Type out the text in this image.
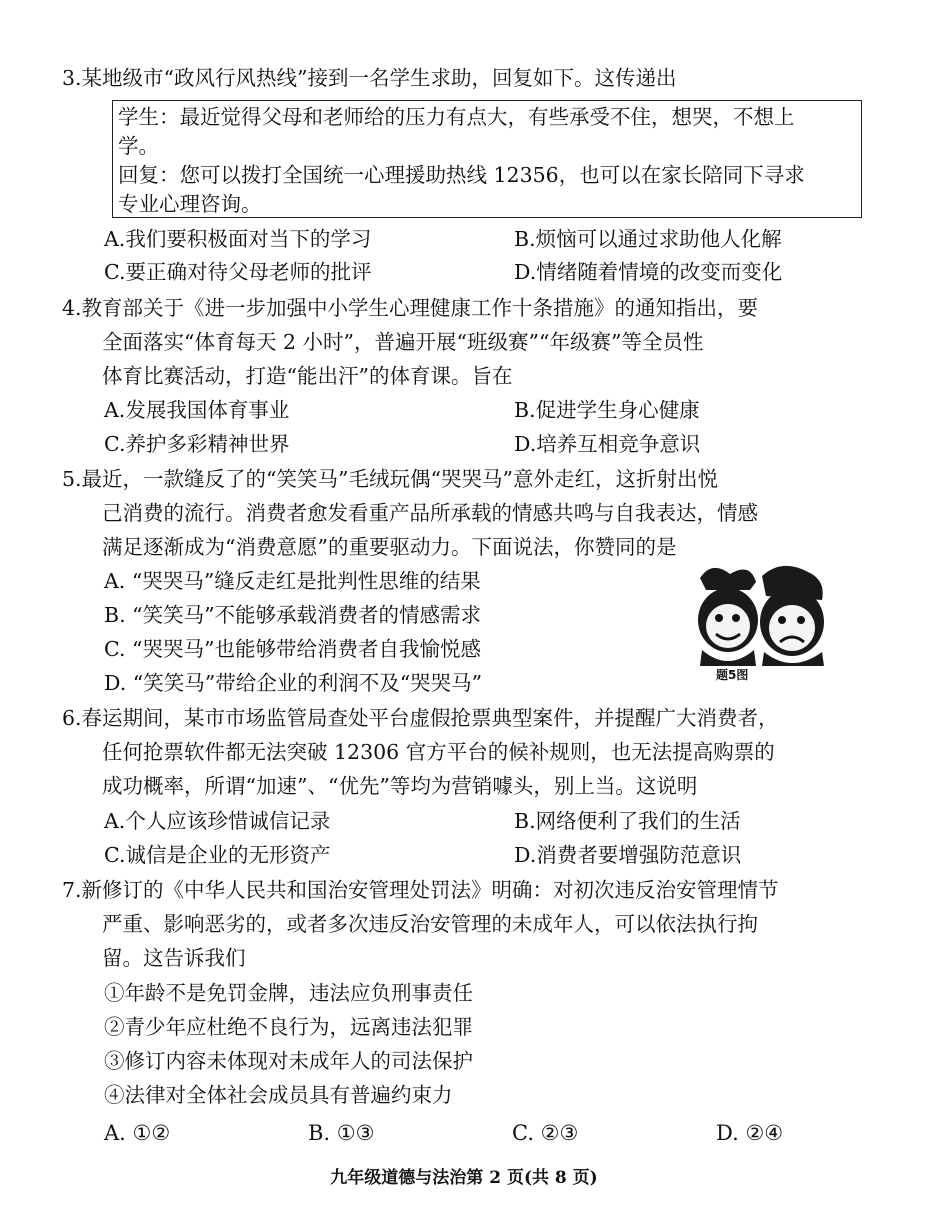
3.某地级市“政风行风热线”接到一名学生求助，回复如下。这传递出
学生：最近觉得父母和老师给的压力有点大，有些承受不住，想哭，不想上
学。
回复：您可以拨打全国统一心理援助热线 12356，也可以在家长陪同下寻求
专业心理咨询。
A.我们要积极面对当下的学习	B.烦恼可以通过求助他人化解
C.要正确对待父母老师的批评	D.情绪随着情境的改变而变化
4.教育部关于《进一步加强中小学生心理健康工作十条措施》的通知指出，要
全面落实“体育每天 2 小时”，普遍开展“班级赛”“年级赛”等全员性
体育比赛活动，打造“能出汗”的体育课。旨在
A.发展我国体育事业	B.促进学生身心健康
C.养护多彩精神世界	D.培养互相竞争意识
5.最近，一款缝反了的“笑笑马”毛绒玩偶“哭哭马”意外走红，这折射出悦
己消费的流行。消费者愈发看重产品所承载的情感共鸣与自我表达，情感
满足逐渐成为“消费意愿”的重要驱动力。下面说法，你赞同的是
A. “哭哭马”缝反走红是批判性思维的结果
B. “笑笑马”不能够承载消费者的情感需求
C. “哭哭马”也能够带给消费者自我愉悦感
D. “笑笑马”带给企业的利润不及“哭哭马”	题5图
6.春运期间，某市市场监管局查处平台虚假抢票典型案件，并提醒广大消费者，
任何抢票软件都无法突破 12306 官方平台的候补规则，也无法提高购票的
成功概率，所谓“加速”、“优先”等均为营销噱头，别上当。这说明
A.个人应该珍惜诚信记录	B.网络便利了我们的生活
C.诚信是企业的无形资产	D.消费者要增强防范意识
7.新修订的《中华人民共和国治安管理处罚法》明确：对初次违反治安管理情节
严重、影响恶劣的，或者多次违反治安管理的未成年人，可以依法执行拘
留。这告诉我们
①年龄不是免罚金牌，违法应负刑事责任
②青少年应杜绝不良行为，远离违法犯罪
③修订内容未体现对未成年人的司法保护
④法律对全体社会成员具有普遍约束力
A. ①②	B. ①③	C. ②③	D. ②④
九年级道德与法治第 2 页(共 8 页)
